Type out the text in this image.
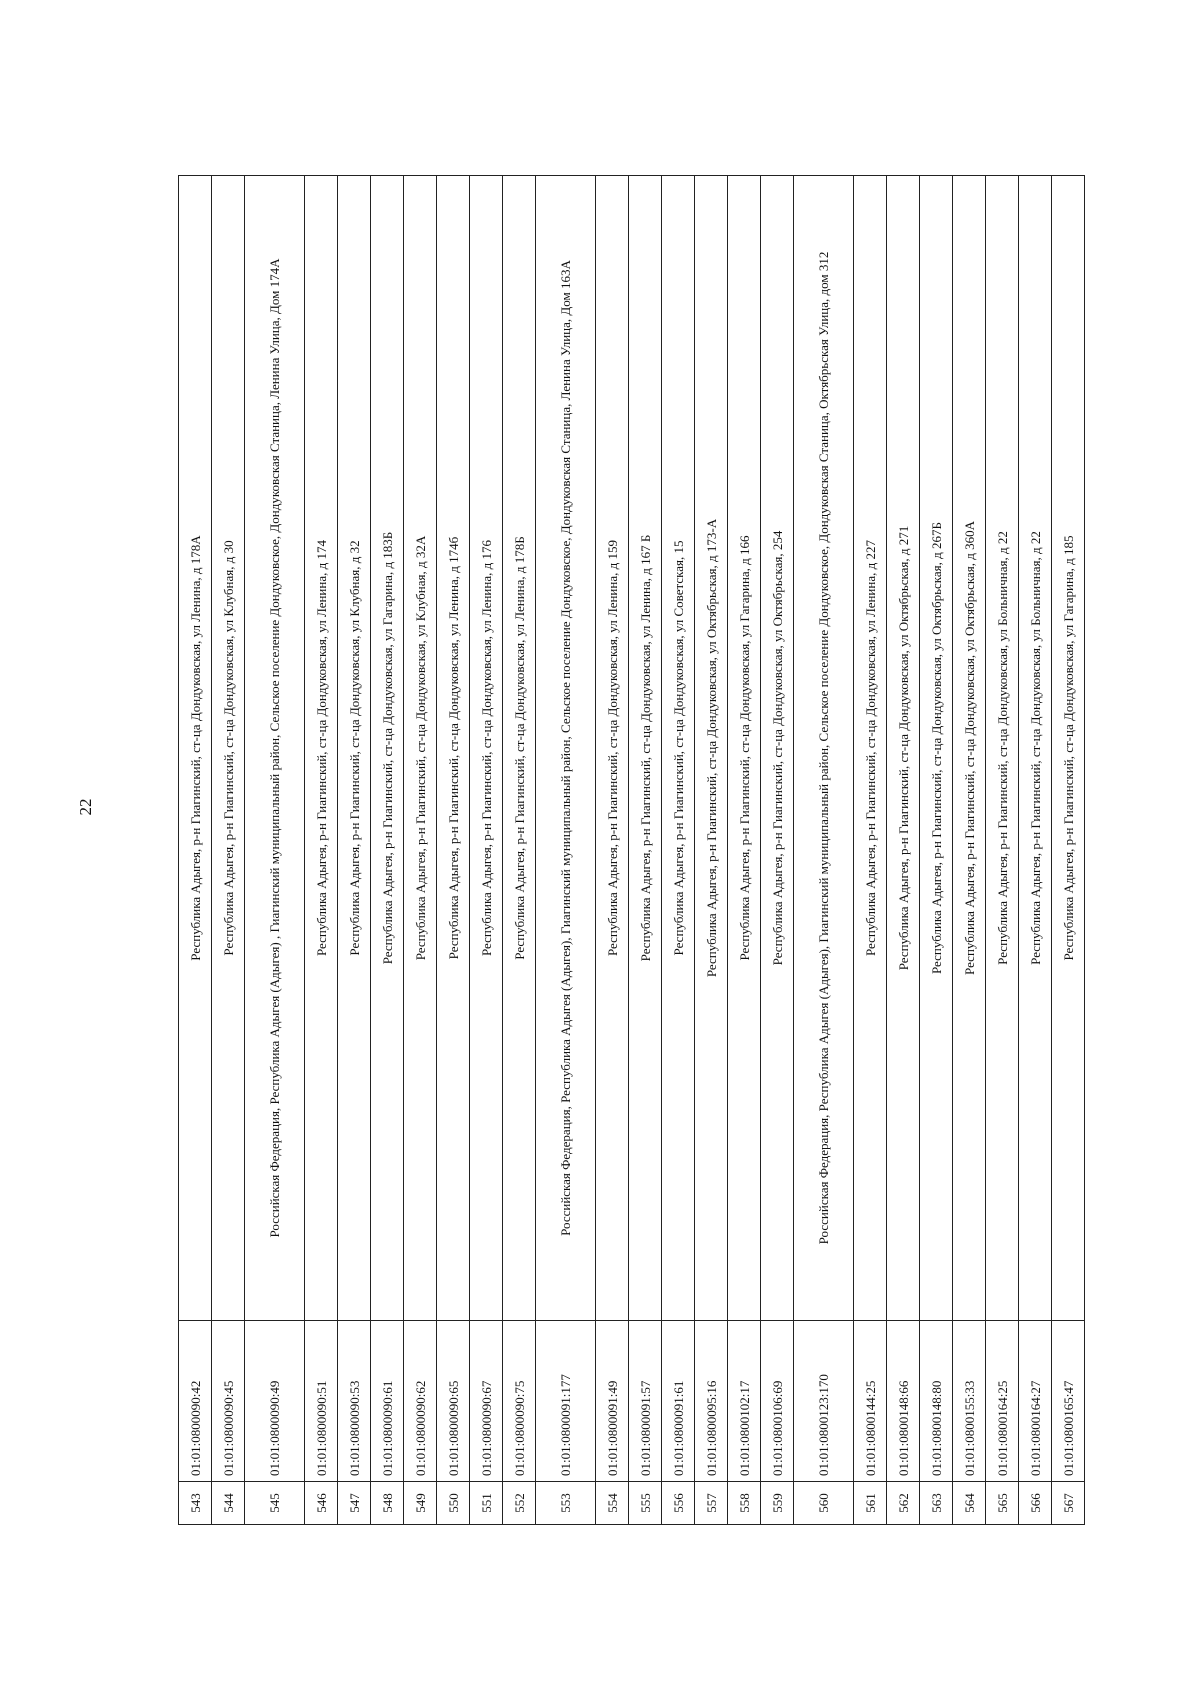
22
543	01:01:0800090:42	Республика Адыгея, р-н Гиагинский, ст-ца Дондуковская, ул Ленина, д 178А
544	01:01:0800090:45	Республика Адыгея, р-н Гиагинский, ст-ца Дондуковская, ул Клубная, д 30
545	01:01:0800090:49	Российская Федерация, Республика Адыгея (Адыгея) , Гиагинский муниципальный район, Сельское поселение Дондуковское, Дондуковская Станица, Ленина Улица, Дом 174А
546	01:01:0800090:51	Республика Адыгея, р-н Гиагинский, ст-ца Дондуковская, ул Ленина, д 174
547	01:01:0800090:53	Республика Адыгея, р-н Гиагинский, ст-ца Дондуковская, ул Клубная, д 32
548	01:01:0800090:61	Республика Адыгея, р-н Гиагинский, ст-ца Дондуковская, ул Гагарина, д 183Б
549	01:01:0800090:62	Республика Адыгея, р-н Гиагинский, ст-ца Дондуковская, ул Клубная, д 32А
550	01:01:0800090:65	Республика Адыгея, р-н Гиагинский, ст-ца Дондуковская, ул Ленина, д 174б
551	01:01:0800090:67	Республика Адыгея, р-н Гиагинский, ст-ца Дондуковская, ул Ленина, д 176
552	01:01:0800090:75	Республика Адыгея, р-н Гиагинский, ст-ца Дондуковская, ул Ленина, д 178Б
553	01:01:0800091:177	Российская Федерация, Республика Адыгея (Адыгея), Гиагинский муниципальный район, Сельское поселение Дондуковское, Дондуковская Станица, Ленина Улица, Дом 163А
554	01:01:0800091:49	Республика Адыгея, р-н Гиагинский, ст-ца Дондуковская, ул Ленина, д 159
555	01:01:0800091:57	Республика Адыгея, р-н Гиагинский, ст-ца Дондуковская, ул Ленина, д 167 Б
556	01:01:0800091:61	Республика Адыгея, р-н Гиагинский, ст-ца Дондуковская, ул Советская, 15
557	01:01:0800095:16	Республика Адыгея, р-н Гиагинский, ст-ца Дондуковская, ул Октябрьская, д 173-А
558	01:01:0800102:17	Республика Адыгея, р-н Гиагинский, ст-ца Дондуковская, ул Гагарина, д 166
559	01:01:0800106:69	Республика Адыгея, р-н Гиагинский, ст-ца Дондуковская, ул Октябрьская, 254
560	01:01:0800123:170	Российская Федерация, Республика Адыгея (Адыгея), Гиагинский муниципальный район, Сельское поселение Дондуковское, Дондуковская Станица, Октябрьская Улица, дом 312
561	01:01:0800144:25	Республика Адыгея, р-н Гиагинский, ст-ца Дондуковская, ул Ленина, д 227
562	01:01:0800148:66	Республика Адыгея, р-н Гиагинский, ст-ца Дондуковская, ул Октябрьская, д 271
563	01:01:0800148:80	Республика Адыгея, р-н Гиагинский, ст-ца Дондуковская, ул Октябрьская, д 267Б
564	01:01:0800155:33	Республика Адыгея, р-н Гиагинский, ст-ца Дондуковская, ул Октябрьская, д 360А
565	01:01:0800164:25	Республика Адыгея, р-н Гиагинский, ст-ца Дондуковская, ул Больничная, д 22
566	01:01:0800164:27	Республика Адыгея, р-н Гиагинский, ст-ца Дондуковская, ул Больничная, д 22
567	01:01:0800165:47	Республика Адыгея, р-н Гиагинский, ст-ца Дондуковская, ул Гагарина, д 185
